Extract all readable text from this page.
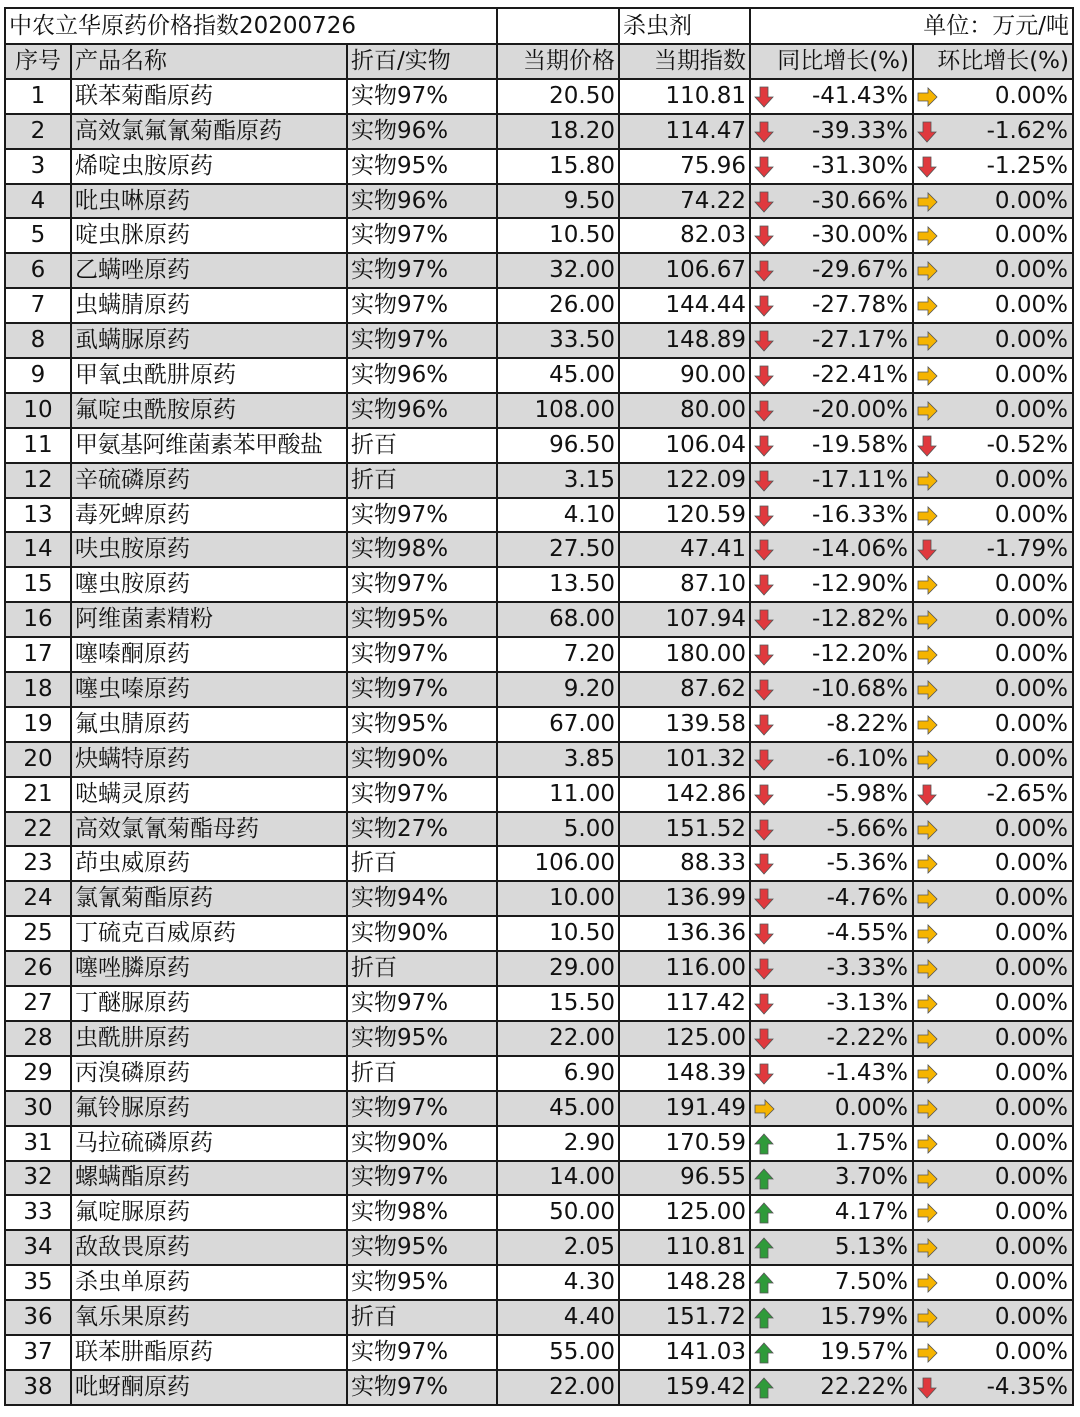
中农立华原药价格指数20200726				杀虫剂	单位：万元/吨	
序号	产品名称	折百/实物	当期价格	当期指数	同比增长(%)	环比增长(%)
1	联苯菊酯原药	实物97%	20.50	110.81	-41.43%	0.00%

2	高效氯氟氰菊酯原药	实物96%	18.20	114.47	-39.33%	-1.62%

3	烯啶虫胺原药	实物95%	15.80	75.96	-31.30%	-1.25%

4	吡虫啉原药	实物96%	9.50	74.22	-30.66%	0.00%

5	啶虫脒原药	实物97%	10.50	82.03	-30.00%	0.00%

6	乙螨唑原药	实物97%	32.00	106.67	-29.67%	0.00%

7	虫螨腈原药	实物97%	26.00	144.44	-27.78%	0.00%

8	虱螨脲原药	实物97%	33.50	148.89	-27.17%	0.00%

9	甲氧虫酰肼原药	实物96%	45.00	90.00	-22.41%	0.00%

10	氟啶虫酰胺原药	实物96%	108.00	80.00	-20.00%	0.00%

11	甲氨基阿维菌素苯甲酸盐	折百	96.50	106.04	-19.58%	-0.52%

12	辛硫磷原药	折百	3.15	122.09	-17.11%	0.00%

13	毒死蜱原药	实物97%	4.10	120.59	-16.33%	0.00%

14	呋虫胺原药	实物98%	27.50	47.41	-14.06%	-1.79%

15	噻虫胺原药	实物97%	13.50	87.10	-12.90%	0.00%

16	阿维菌素精粉	实物95%	68.00	107.94	-12.82%	0.00%

17	噻嗪酮原药	实物97%	7.20	180.00	-12.20%	0.00%

18	噻虫嗪原药	实物97%	9.20	87.62	-10.68%	0.00%

19	氟虫腈原药	实物95%	67.00	139.58	-8.22%	0.00%

20	炔螨特原药	实物90%	3.85	101.32	-6.10%	0.00%

21	哒螨灵原药	实物97%	11.00	142.86	-5.98%	-2.65%

22	高效氯氰菊酯母药	实物27%	5.00	151.52	-5.66%	0.00%

23	茚虫威原药	折百	106.00	88.33	-5.36%	0.00%

24	氯氰菊酯原药	实物94%	10.00	136.99	-4.76%	0.00%

25	丁硫克百威原药	实物90%	10.50	136.36	-4.55%	0.00%

26	噻唑膦原药	折百	29.00	116.00	-3.33%	0.00%

27	丁醚脲原药	实物97%	15.50	117.42	-3.13%	0.00%

28	虫酰肼原药	实物95%	22.00	125.00	-2.22%	0.00%

29	丙溴磷原药	折百	6.90	148.39	-1.43%	0.00%

30	氟铃脲原药	实物97%	45.00	191.49	0.00%	0.00%

31	马拉硫磷原药	实物90%	2.90	170.59	1.75%	0.00%

32	螺螨酯原药	实物97%	14.00	96.55	3.70%	0.00%

33	氟啶脲原药	实物98%	50.00	125.00	4.17%	0.00%

34	敌敌畏原药	实物95%	2.05	110.81	5.13%	0.00%

35	杀虫单原药	实物95%	4.30	148.28	7.50%	0.00%

36	氧乐果原药	折百	4.40	151.72	15.79%	0.00%

37	联苯肼酯原药	实物97%	55.00	141.03	19.57%	0.00%

38	吡蚜酮原药	实物97%	22.00	159.42	22.22%	-4.35%
